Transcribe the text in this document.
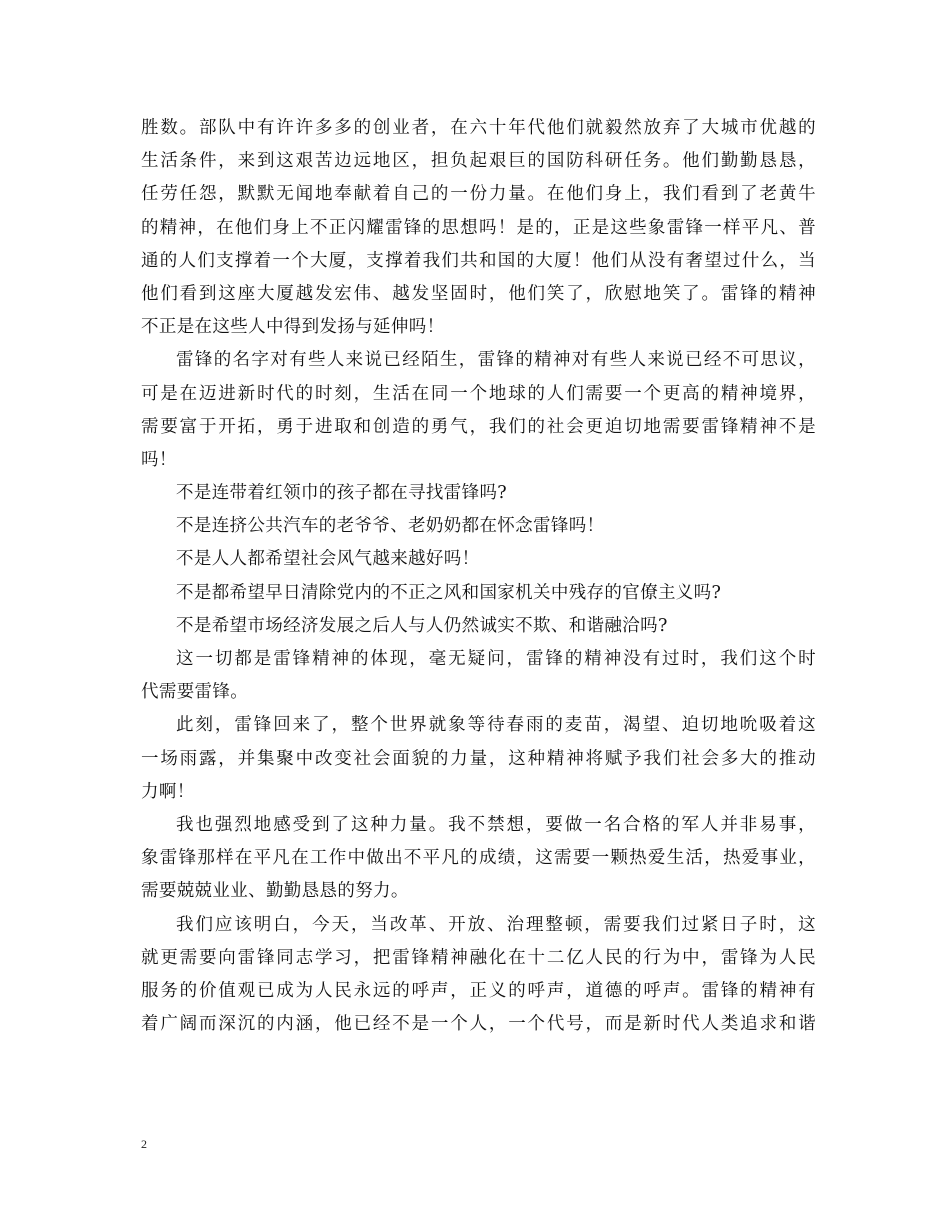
胜数。部队中有许许多多的创业者，在六十年代他们就毅然放弃了大城市优越的
生活条件，来到这艰苦边远地区，担负起艰巨的国防科研任务。他们勤勤恳恳，
任劳任怨，默默无闻地奉献着自己的一份力量。在他们身上，我们看到了老黄牛
的精神，在他们身上不正闪耀雷锋的思想吗！是的，正是这些象雷锋一样平凡、普
通的人们支撑着一个大厦，支撑着我们共和国的大厦！他们从没有奢望过什么，当
他们看到这座大厦越发宏伟、越发坚固时，他们笑了，欣慰地笑了。雷锋的精神
不正是在这些人中得到发扬与延伸吗！
雷锋的名字对有些人来说已经陌生，雷锋的精神对有些人来说已经不可思议，
可是在迈进新时代的时刻，生活在同一个地球的人们需要一个更高的精神境界，
需要富于开拓，勇于进取和创造的勇气，我们的社会更迫切地需要雷锋精神不是
吗！
不是连带着红领巾的孩子都在寻找雷锋吗?
不是连挤公共汽车的老爷爷、老奶奶都在怀念雷锋吗！
不是人人都希望社会风气越来越好吗！
不是都希望早日清除党内的不正之风和国家机关中残存的官僚主义吗?
不是希望市场经济发展之后人与人仍然诚实不欺、和谐融洽吗?
这一切都是雷锋精神的体现，毫无疑问，雷锋的精神没有过时，我们这个时
代需要雷锋。
此刻，雷锋回来了，整个世界就象等待春雨的麦苗，渴望、迫切地吮吸着这
一场雨露，并集聚中改变社会面貌的力量，这种精神将赋予我们社会多大的推动
力啊！
我也强烈地感受到了这种力量。我不禁想，要做一名合格的军人并非易事，
象雷锋那样在平凡在工作中做出不平凡的成绩，这需要一颗热爱生活，热爱事业，
需要兢兢业业、勤勤恳恳的努力。
我们应该明白，今天，当改革、开放、治理整顿，需要我们过紧日子时，这
就更需要向雷锋同志学习，把雷锋精神融化在十二亿人民的行为中，雷锋为人民
服务的价值观已成为人民永远的呼声，正义的呼声，道德的呼声。雷锋的精神有
着广阔而深沉的内涵，他已经不是一个人，一个代号，而是新时代人类追求和谐
2
